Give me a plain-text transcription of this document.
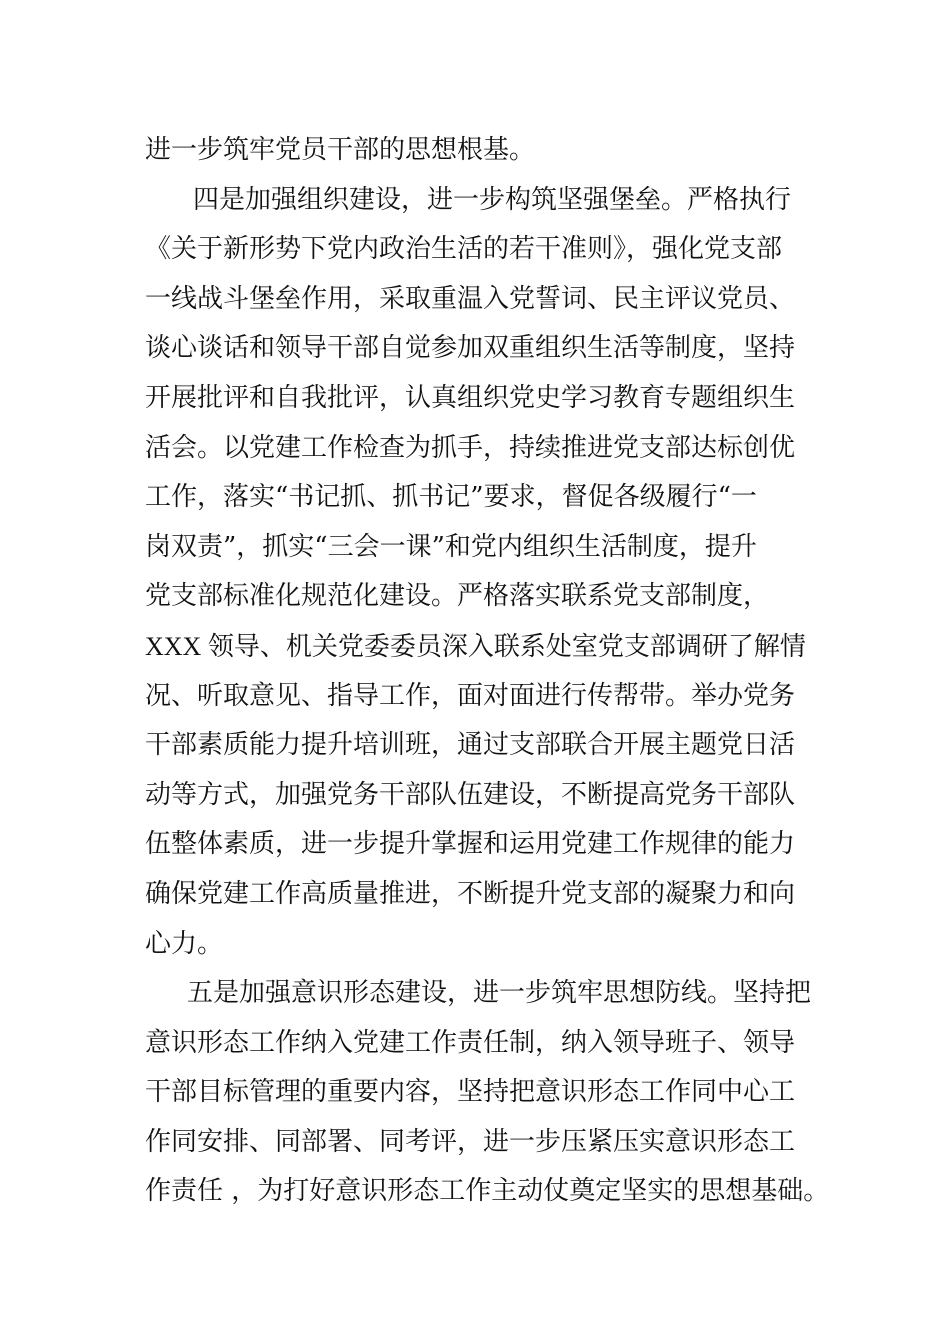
进一步筑牢党员干部的思想根基。
四是加强组织建设，进一步构筑坚强堡垒。严格执行
《关于新形势下党内政治生活的若干准则》，强化党支部
一线战斗堡垒作用，采取重温入党誓词、民主评议党员、
谈心谈话和领导干部自觉参加双重组织生活等制度，坚持
开展批评和自我批评，认真组织党史学习教育专题组织生
活会。以党建工作检查为抓手，持续推进党支部达标创优
工作，落实“书记抓、抓书记”要求，督促各级履行“一
岗双责”，抓实“三会一课”和党内组织生活制度，提升
党支部标准化规范化建设。严格落实联系党支部制度，
XXX 领导、机关党委委员深入联系处室党支部调研了解情
况、听取意见、指导工作，面对面进行传帮带。举办党务
干部素质能力提升培训班，通过支部联合开展主题党日活
动等方式，加强党务干部队伍建设，不断提高党务干部队
伍整体素质，进一步提升掌握和运用党建工作规律的能力
确保党建工作高质量推进，不断提升党支部的凝聚力和向
心力。
五是加强意识形态建设，进一步筑牢思想防线。坚持把
意识形态工作纳入党建工作责任制，纳入领导班子、领导
干部目标管理的重要内容，坚持把意识形态工作同中心工
作同安排、同部署、同考评，进一步压紧压实意识形态工
作责任 ，为打好意识形态工作主动仗奠定坚实的思想基础。
